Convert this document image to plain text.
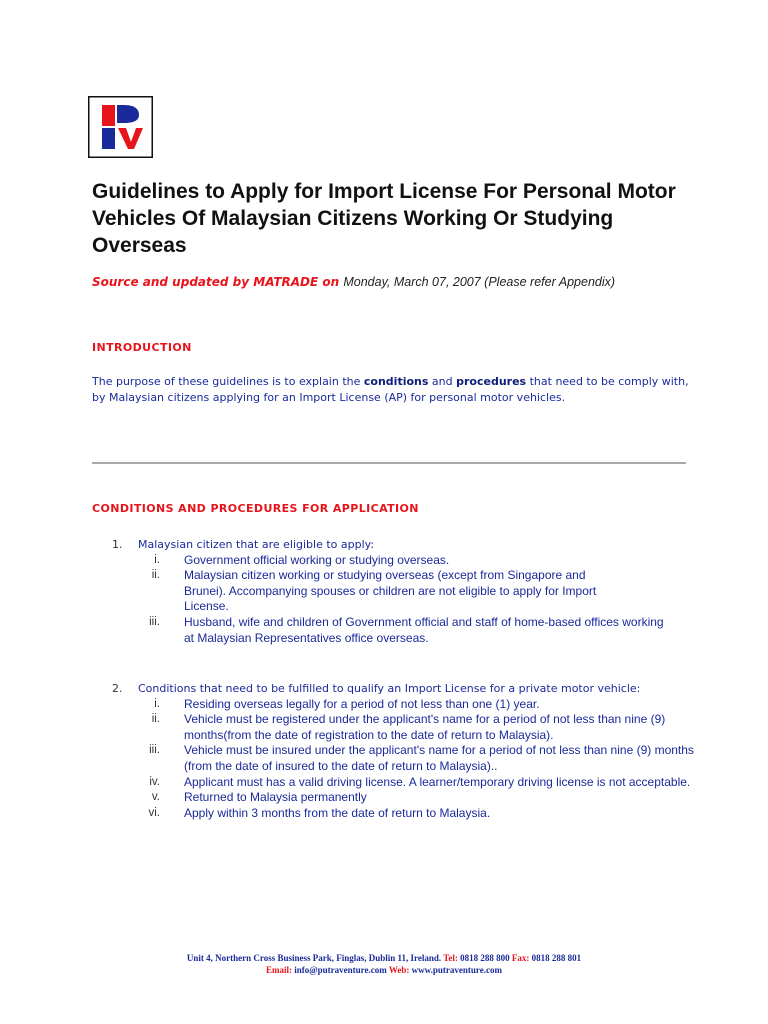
Guidelines to Apply for Import License For Personal Motor Vehicles Of Malaysian Citizens Working Or Studying Overseas
Source and updated by MATRADE on Monday, March 07, 2007 (Please refer Appendix)
INTRODUCTION

The purpose of these guidelines is to explain the conditions and procedures that need to be comply with, by Malaysian citizens applying for an Import License (AP) for personal motor vehicles.

CONDITIONS AND PROCEDURES FOR APPLICATION
1. Malaysian citizen that are eligible to apply:
i. Government official working or studying overseas.
ii. Malaysian citizen working or studying overseas (except from Singapore and Brunei). Accompanying spouses or children are not eligible to apply for Import License.
iii. Husband, wife and children of Government official and staff of home-based offices working at Malaysian Representatives office overseas.
2. Conditions that need to be fulfilled to qualify an Import License for a private motor vehicle:
i. Residing overseas legally for a period of not less than one (1) year.
ii. Vehicle must be registered under the applicant's name for a period of not less than nine (9) months(from the date of registration to the date of return to Malaysia).
iii. Vehicle must be insured under the applicant's name for a period of not less than nine (9) months (from the date of insured to the date of return to Malaysia)..
iv. Applicant must has a valid driving license. A learner/temporary driving license is not acceptable.
v. Returned to Malaysia permanently
vi. Apply within 3 months from the date of return to Malaysia.
Unit 4, Northern Cross Business Park, Finglas, Dublin 11, Ireland. Tel: 0818 288 800 Fax: 0818 288 801
Email: info@putraventure.com Web: www.putraventure.com
